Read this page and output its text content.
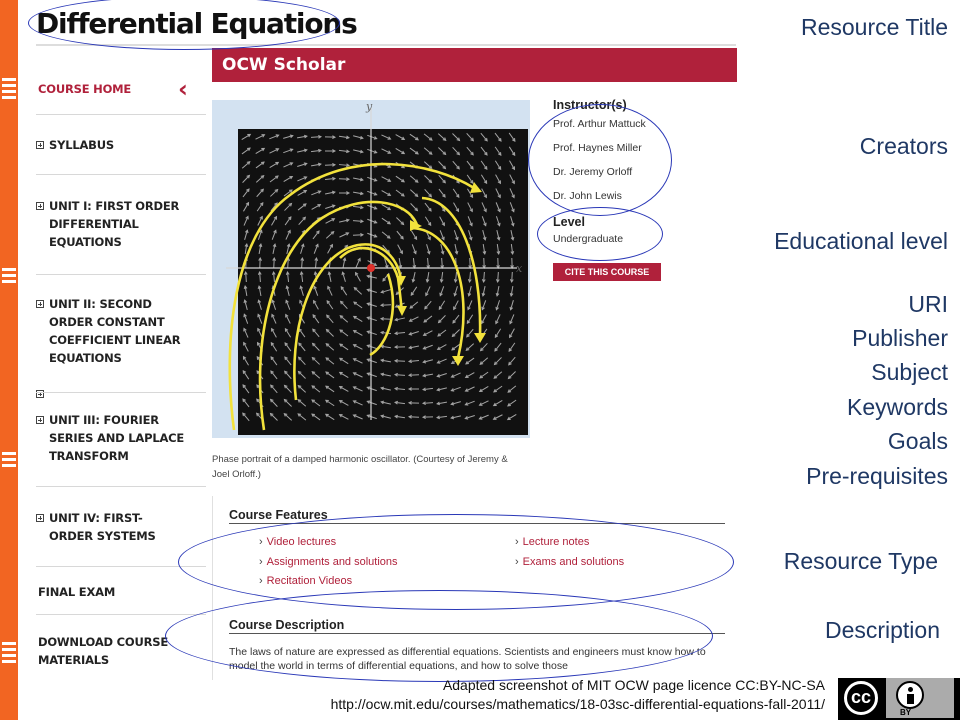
Differential Equations
COURSE HOME	‹
SYLLABUS
UNIT I: FIRST ORDER DIFFERENTIAL EQUATIONS
UNIT II: SECOND ORDER CONSTANT COEFFICIENT LINEAR EQUATIONS
UNIT III: FOURIER SERIES AND LAPLACE TRANSFORM
UNIT IV: FIRST-ORDER SYSTEMS
FINAL EXAM
DOWNLOAD COURSE MATERIALS
OCW Scholar
y
x
Phase portrait of a damped harmonic oscillator. (Courtesy of Jeremy & Joel Orloff.)
Instructor(s)
Prof. Arthur Mattuck
Prof. Haynes Miller
Dr. Jeremy Orloff
Dr. John Lewis
Level
Undergraduate
CITE THIS COURSE
Course Features
› Video lectures
› Assignments and solutions
› Recitation Videos
› Lecture notes
› Exams and solutions
Course Description
The laws of nature are expressed as differential equations. Scientists and engineers must know how to model the world in terms of differential equations, and how to solve those
Resource Title
Creators
Educational level
URI
Publisher
Subject
Keywords
Goals
Pre-requisites
Resource Type
Description
Adapted screenshot of MIT OCW page licence CC:BY-NC-SA
http://ocw.mit.edu/courses/mathematics/18-03sc-differential-equations-fall-2011/	cc
BY
